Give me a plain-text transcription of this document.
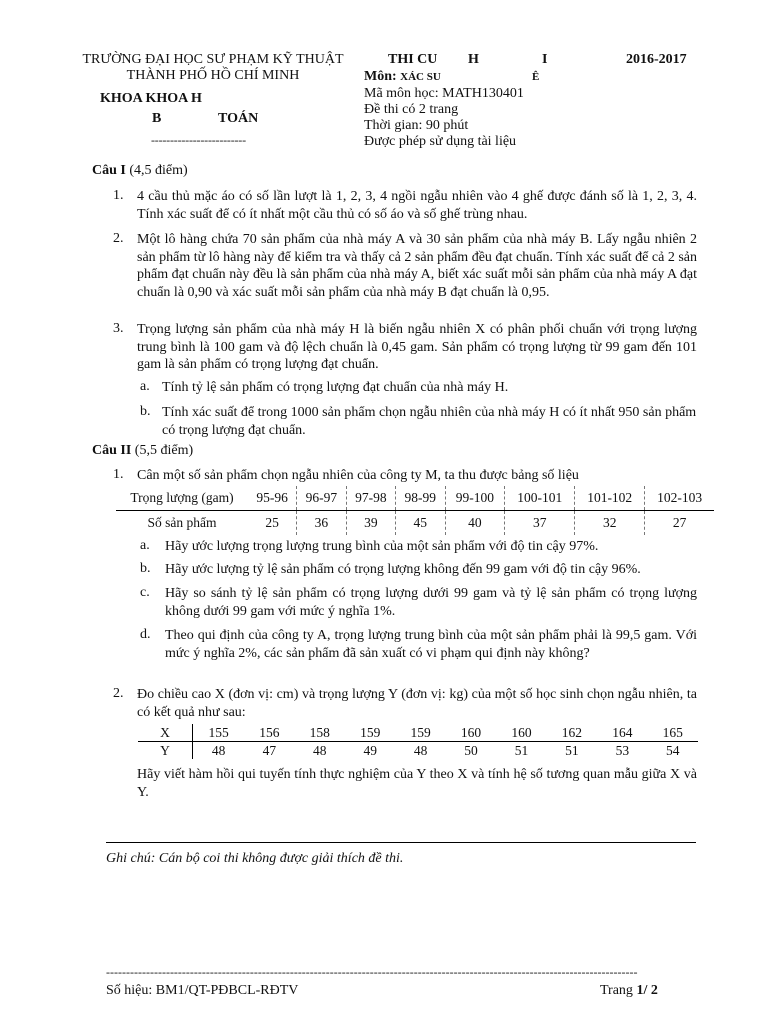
TRƯỜNG ĐẠI HỌC SƯ PHẠM KỸ THUẬT
THÀNH PHỐ HỒ CHÍ MINH
KHOA KHOA H
B	TOÁN
-------------------------
THI CU H	I	2016-2017
Môn: XÁC SU	Ê
Mã môn học: MATH130401
Đề thi có 2 trang
Thời gian: 90 phút
Được phép sử dụng tài liệu
Câu I (4,5 điểm)
1. 4 cầu thủ mặc áo có số lần lượt là 1, 2, 3, 4 ngồi ngẫu nhiên vào 4 ghế được đánh số là 1, 2, 3, 4. Tính xác suất để có ít nhất một cầu thủ có số áo và số ghế trùng nhau.
2. Một lô hàng chứa 70 sản phẩm của nhà máy A và 30 sản phẩm của nhà máy B. Lấy ngẫu nhiên 2 sản phẩm từ lô hàng này để kiểm tra và thấy cả 2 sản phẩm đều đạt chuẩn. Tính xác suất để cả 2 sản phẩm đạt chuẩn này đều là sản phẩm của nhà máy A, biết xác suất mỗi sản phẩm của nhà máy A đạt chuẩn là 0,90 và xác suất mỗi sản phẩm của nhà máy B đạt chuẩn là 0,95.
3. Trọng lượng sản phẩm của nhà máy H là biến ngẫu nhiên X có phân phối chuẩn với trọng lượng trung bình là 100 gam và độ lệch chuẩn là 0,45 gam. Sản phẩm có trọng lượng từ 99 gam đến 101 gam là sản phẩm có trọng lượng đạt chuẩn.
a. Tính tỷ lệ sản phẩm có trọng lượng đạt chuẩn của nhà máy H.
b. Tính xác suất để trong 1000 sản phẩm chọn ngẫu nhiên của nhà máy H có ít nhất 950 sản phẩm có trọng lượng đạt chuẩn.
Câu II (5,5 điểm)
1. Cân một số sản phẩm chọn ngẫu nhiên của công ty M, ta thu được bảng số liệu
Trọng lượng (gam)	95-96	96-97	97-98	98-99	99-100	100-101	101-102	102-103
Số sản phẩm	25	36	39	45	40	37	32	27
a. Hãy ước lượng trọng lượng trung bình của một sản phẩm với độ tin cậy 97%.
b. Hãy ước lượng tỷ lệ sản phẩm có trọng lượng không đến 99 gam với độ tin cậy 96%.
c. Hãy so sánh tỷ lệ sản phẩm có trọng lượng dưới 99 gam và tỷ lệ sản phẩm có trọng lượng không dưới 99 gam với mức ý nghĩa 1%.
d. Theo qui định của công ty A, trọng lượng trung bình của một sản phẩm phải là 99,5 gam. Với mức ý nghĩa 2%, các sản phẩm đã sản xuất có vi phạm qui định này không?
2. Đo chiều cao X (đơn vị: cm) và trọng lượng Y (đơn vị: kg) của một số học sinh chọn ngẫu nhiên, ta có kết quả như sau:
X	155	156	158	159	159	160	160	162	164	165
Y	48	47	48	49	48	50	51	51	53	54
Hãy viết hàm hồi qui tuyến tính thực nghiệm của Y theo X và tính hệ số tương quan mẫu giữa X và Y.
Ghi chú: Cán bộ coi thi không được giải thích đề thi.
-------------------------------------------------------------------------------------------------------------------------------------
Số hiệu: BM1/QT-PĐBCL-RĐTV	Trang 1/ 2
